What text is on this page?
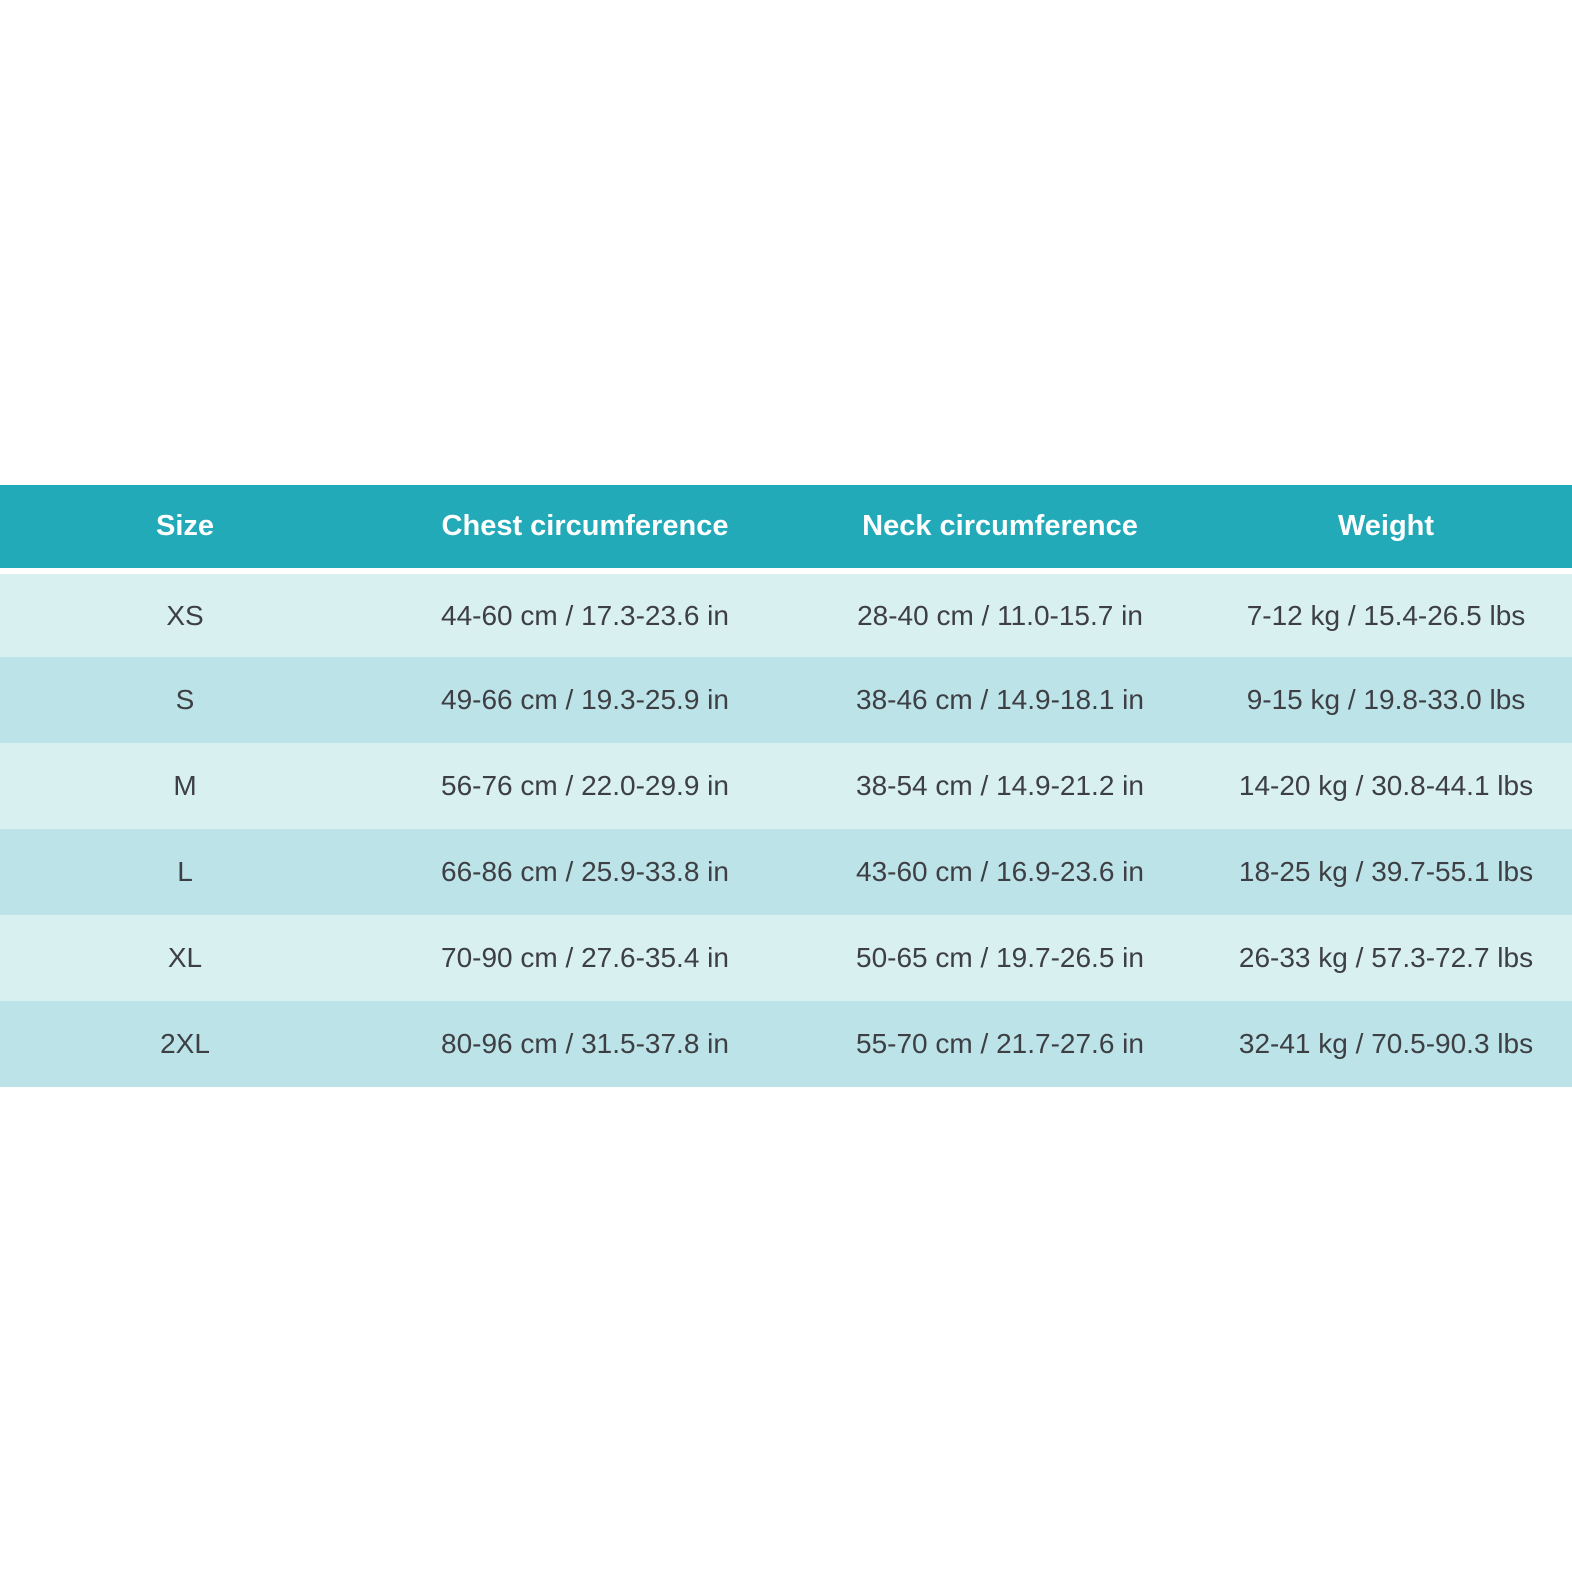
Size	Chest circumference	Neck circumference	Weight
XS	44-60 cm / 17.3-23.6 in	28-40 cm / 11.0-15.7 in	7-12 kg / 15.4-26.5 lbs
S	49-66 cm / 19.3-25.9 in	38-46 cm / 14.9-18.1 in	9-15 kg / 19.8-33.0 lbs
M	56-76 cm / 22.0-29.9 in	38-54 cm / 14.9-21.2 in	14-20 kg / 30.8-44.1 lbs
L	66-86 cm / 25.9-33.8 in	43-60 cm / 16.9-23.6 in	18-25 kg / 39.7-55.1 lbs
XL	70-90 cm / 27.6-35.4 in	50-65 cm / 19.7-26.5 in	26-33 kg / 57.3-72.7 lbs
2XL	80-96 cm / 31.5-37.8 in	55-70 cm / 21.7-27.6 in	32-41 kg / 70.5-90.3 lbs
